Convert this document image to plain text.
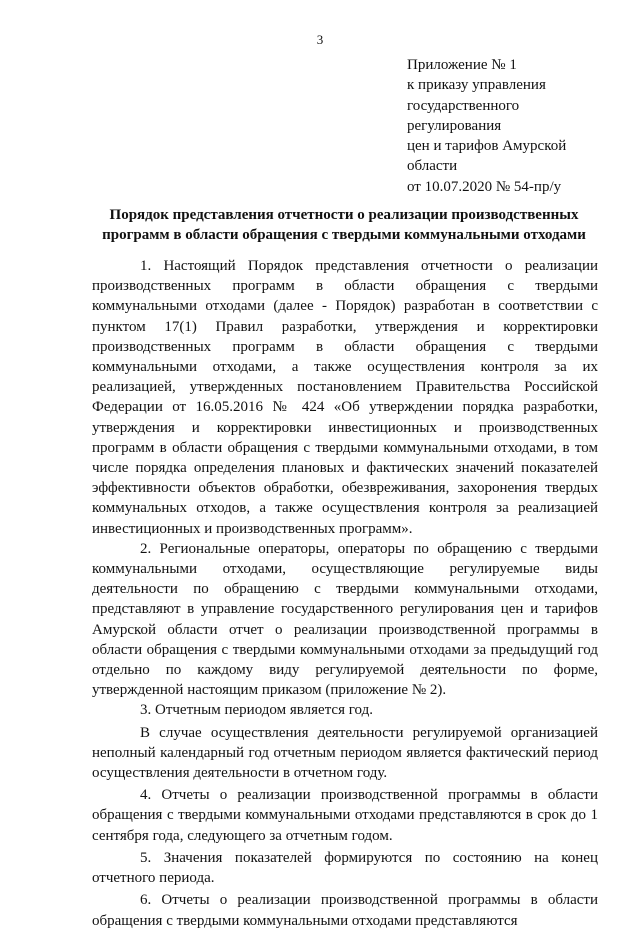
3
Приложение № 1
к приказу управления
государственного
регулирования
цен и тарифов Амурской
области
от 10.07.2020 № 54-пр/у
Порядок представления отчетности о реализации производственных
программ в области обращения с твердыми коммунальными отходами

1. Настоящий Порядок представления отчетности о реализации производственных программ в области обращения с твердыми коммунальными отходами (далее - Порядок) разработан в соответствии с пунктом 17(1) Правил разработки, утверждения и корректировки производственных программ в области обращения с твердыми коммунальными отходами, а также осуществления контроля за их реализацией, утвержденных постановлением Правительства Российской Федерации от 16.05.2016 № 424 «Об утверждении порядка разработки, утверждения и корректировки инвестиционных и производственных программ в области обращения с твердыми коммунальными отходами, в том числе порядка определения плановых и фактических значений показателей эффективности объектов обработки, обезвреживания, захоронения твердых коммунальных отходов, а также осуществления контроля за реализацией инвестиционных и производственных программ».

2. Региональные операторы, операторы по обращению с твердыми коммунальными отходами, осуществляющие регулируемые виды деятельности по обращению с твердыми коммунальными отходами, представляют в управление государственного регулирования цен и тарифов Амурской области отчет о реализации производственной программы в области обращения с твердыми коммунальными отходами за предыдущий год отдельно по каждому виду регулируемой деятельности по форме, утвержденной настоящим приказом (приложение № 2).

3. Отчетным периодом является год.

В случае осуществления деятельности регулируемой организацией неполный календарный год отчетным периодом является фактический период осуществления деятельности в отчетном году.

4. Отчеты о реализации производственной программы в области обращения с твердыми коммунальными отходами представляются в срок до 1 сентября года, следующего за отчетным годом.

5. Значения показателей формируются по состоянию на конец отчетного периода.

6. Отчеты о реализации производственной программы в области обращения с твердыми коммунальными отходами представляются
